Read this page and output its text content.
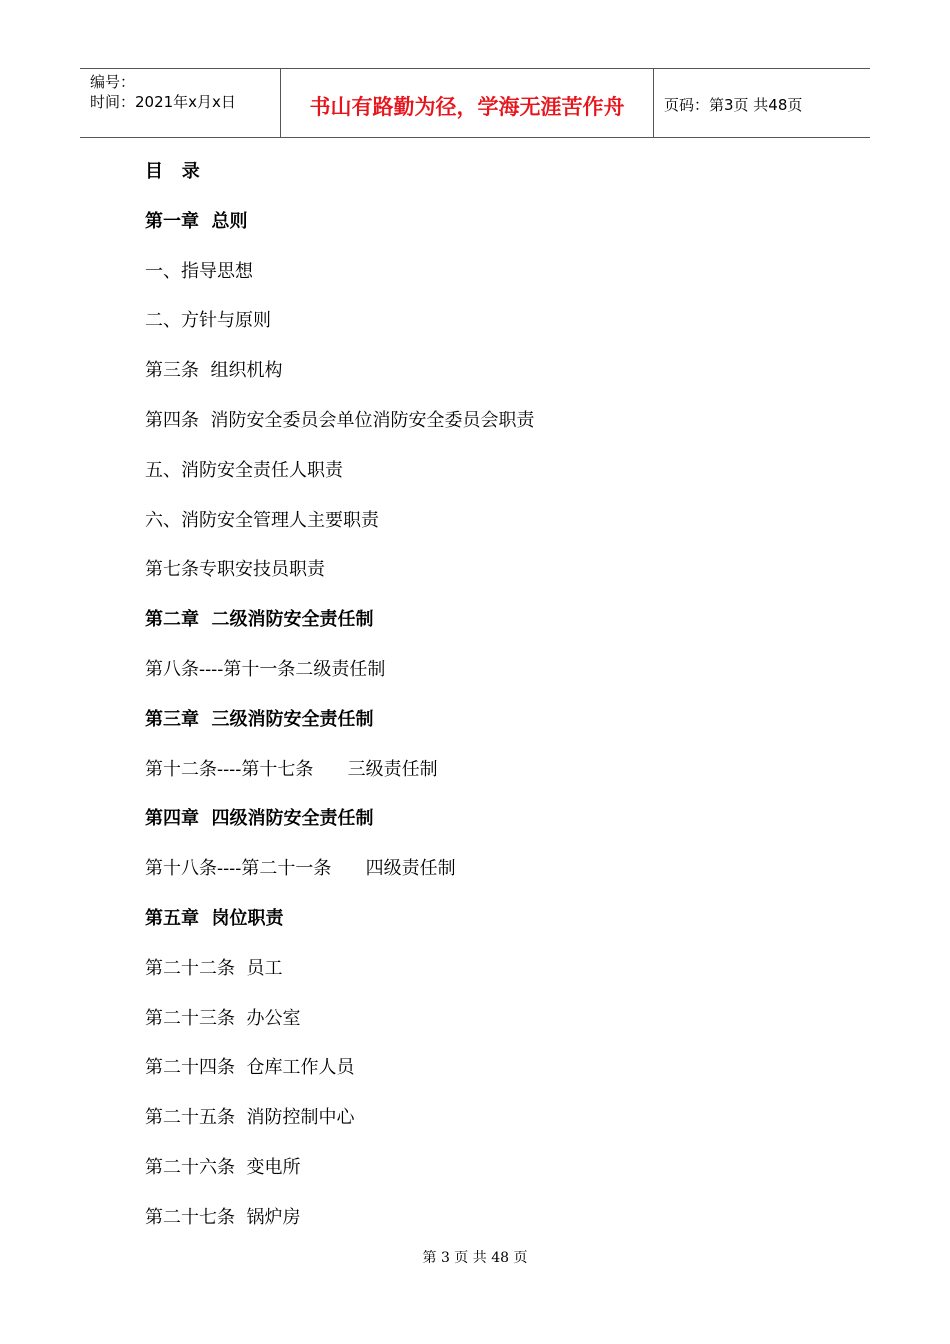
编号：
时间：2021年x月x日	书山有路勤为径，学海无涯苦作舟	页码：第3页 共48页
目   录
第一章  总则
一、指导思想
二、方针与原则
第三条  组织机构
第四条  消防安全委员会单位消防安全委员会职责
五、消防安全责任人职责
六、消防安全管理人主要职责
第七条专职安技员职责
第二章  二级消防安全责任制
第八条----第十一条二级责任制
第三章  三级消防安全责任制
第十二条----第十七条      三级责任制
第四章  四级消防安全责任制
第十八条----第二十一条      四级责任制
第五章  岗位职责
第二十二条  员工
第二十三条  办公室
第二十四条  仓库工作人员
第二十五条  消防控制中心
第二十六条  变电所
第二十七条  锅炉房
第 3 页 共 48 页
